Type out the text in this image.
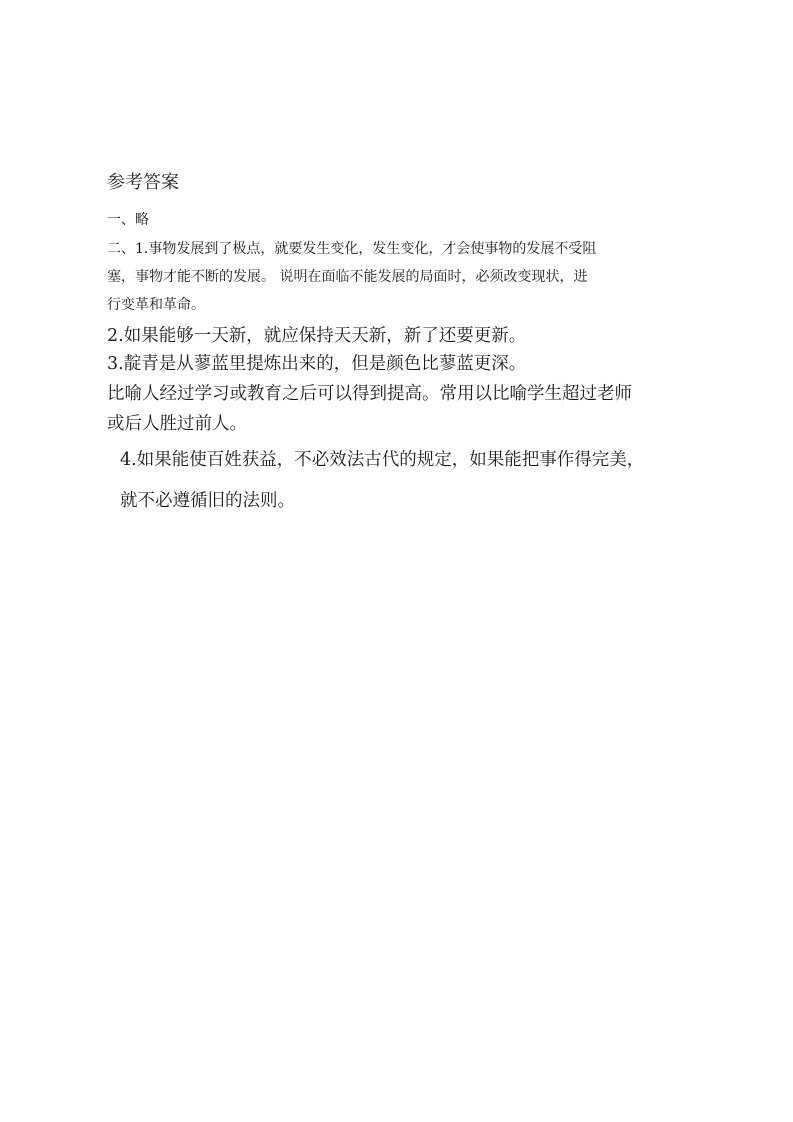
参考答案

一、略

二、1.事物发展到了极点，就要发生变化，发生变化，才会使事物的发展不受阻

塞，事物才能不断的发展。 说明在面临不能发展的局面时，必须改变现状，进

行变革和革命。

2.如果能够一天新，就应保持天天新，新了还要更新。

3.靛青是从蓼蓝里提炼出来的，但是颜色比蓼蓝更深。

比喻人经过学习或教育之后可以得到提高。常用以比喻学生超过老师

或后人胜过前人。

4.如果能使百姓获益，不必效法古代的规定，如果能把事作得完美，

就不必遵循旧的法则。
